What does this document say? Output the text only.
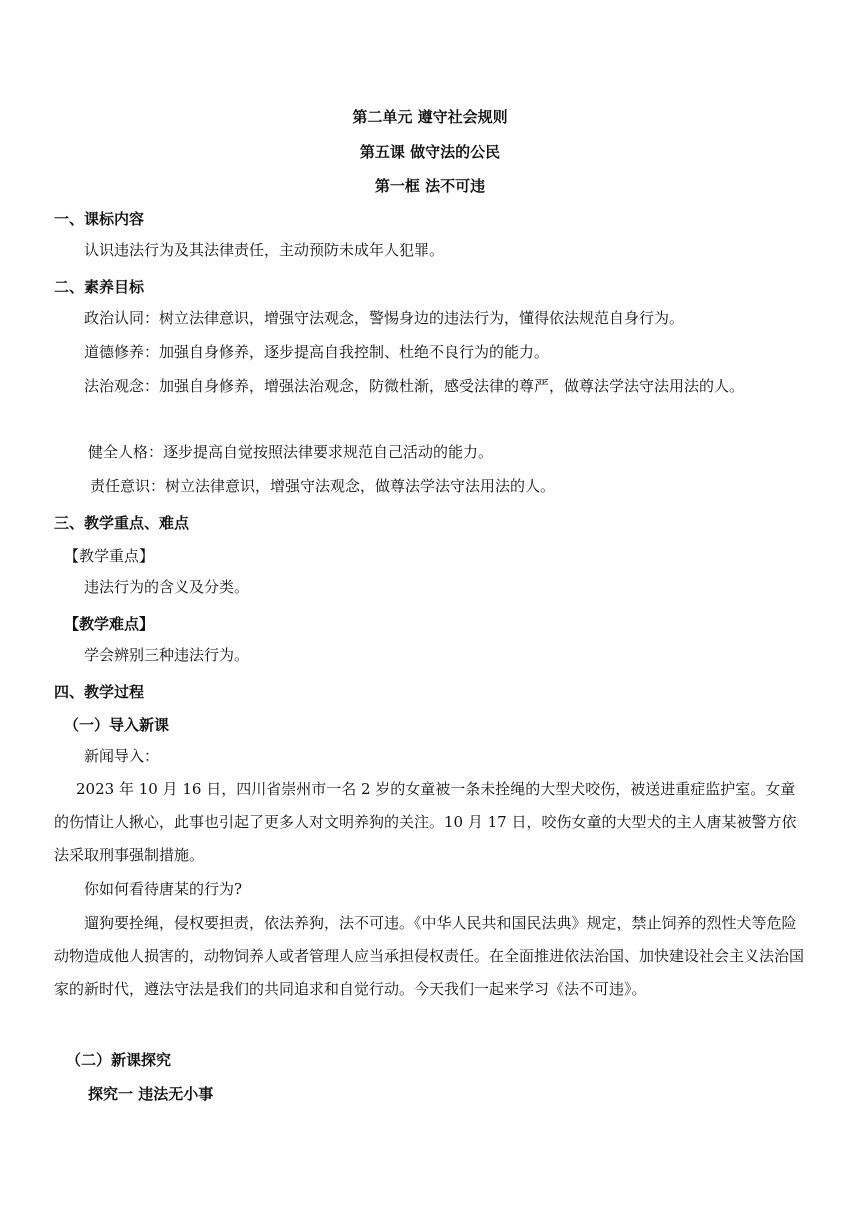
第二单元 遵守社会规则
第五课 做守法的公民
第一框 法不可违
一、课标内容
认识违法行为及其法律责任，主动预防未成年人犯罪。
二、素养目标
政治认同：树立法律意识，增强守法观念，警惕身边的违法行为，懂得依法规范自身行为。
道德修养：加强自身修养，逐步提高自我控制、杜绝不良行为的能力。
法治观念：加强自身修养，增强法治观念，防微杜渐，感受法律的尊严，做尊法学法守法用法的人。
健全人格：逐步提高自觉按照法律要求规范自己活动的能力。
责任意识：树立法律意识，增强守法观念，做尊法学法守法用法的人。
三、教学重点、难点
【教学重点】
违法行为的含义及分类。
【教学难点】
学会辨别三种违法行为。
四、教学过程
（一）导入新课
新闻导入：
2023 年 10 月 16 日，四川省崇州市一名 2 岁的女童被一条未拴绳的大型犬咬伤，被送进重症监护室。女童的伤情让人揪心，此事也引起了更多人对文明养狗的关注。10 月 17 日，咬伤女童的大型犬的主人唐某被警方依法采取刑事强制措施。
你如何看待唐某的行为?
遛狗要拴绳，侵权要担责，依法养狗，法不可违。《中华人民共和国民法典》规定，禁止饲养的烈性犬等危险动物造成他人损害的，动物饲养人或者管理人应当承担侵权责任。在全面推进依法治国、加快建设社会主义法治国家的新时代，遵法守法是我们的共同追求和自觉行动。今天我们一起来学习《法不可违》。
（二）新课探究
探究一 违法无小事
